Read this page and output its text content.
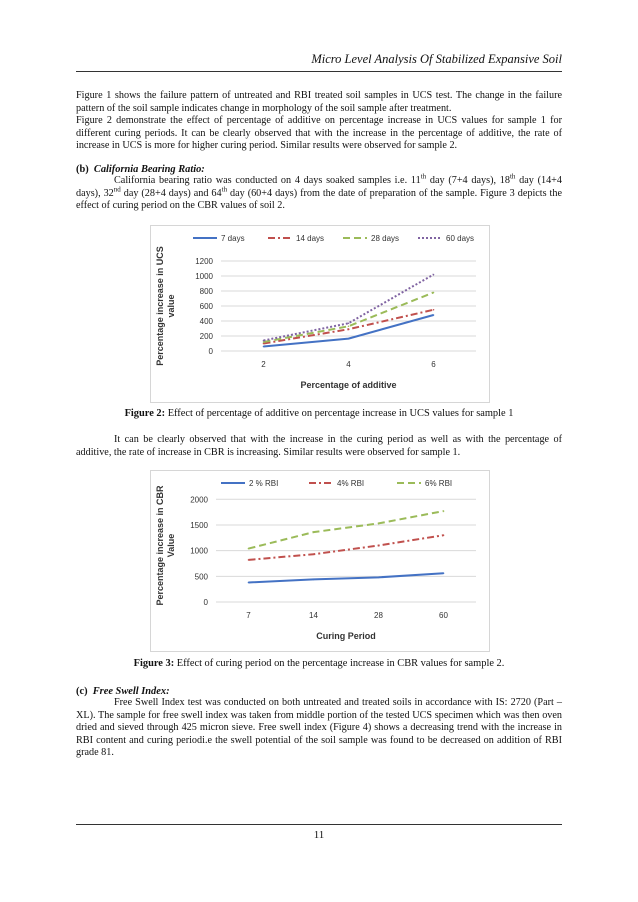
Micro Level Analysis Of Stabilized Expansive Soil

Figure 1 shows the failure pattern of untreated and RBI treated soil samples in UCS test. The change in the failure pattern of the soil sample indicates change in morphology of the soil sample after treatment.

Figure 2 demonstrate the effect of percentage of additive on percentage increase in UCS values for sample 1 for different curing periods. It can be clearly observed that with the increase in the percentage of additive, the rate of increase in UCS is more for higher curing period. Similar results were observed for sample 2.

(b) California Bearing Ratio:

California bearing ratio was conducted on 4 days soaked samples i.e. 11th day (7+4 days), 18th day (14+4 days), 32nd day (28+4 days) and 64th day (60+4 days) from the date of preparation of the sample. Figure 3 depicts the effect of curing period on the CBR values of soil 2.

7 days	14 days	28 days	60 days
0
200
400
600
800
1000
1200
2	4	6
Percentage increase in UCSvalue
Percentage of additive

Figure 2: Effect of percentage of additive on percentage increase in UCS values for sample 1

It can be clearly observed that with the increase in the curing period as well as with the percentage of additive, the rate of increase in CBR is increasing. Similar results were observed for sample 1.

2 % RBI	4% RBI	6% RBI
0
500
1000
1500
2000
7	14	28	60
Percentage increase in CBRValue
Curing Period

Figure 3: Effect of curing period on the percentage increase in CBR values for sample 2.

(c) Free Swell Index:

Free Swell Index test was conducted on both untreated and treated soils in accordance with IS: 2720 (Part – XL). The sample for free swell index was taken from middle portion of the tested UCS specimen which was then oven dried and sieved through 425 micron sieve. Free swell index (Figure 4) shows a decreasing trend with the increase in RBI content and curing periodi.e the swell potential of the soil sample was found to be decreased on addition of RBI grade 81.

11
